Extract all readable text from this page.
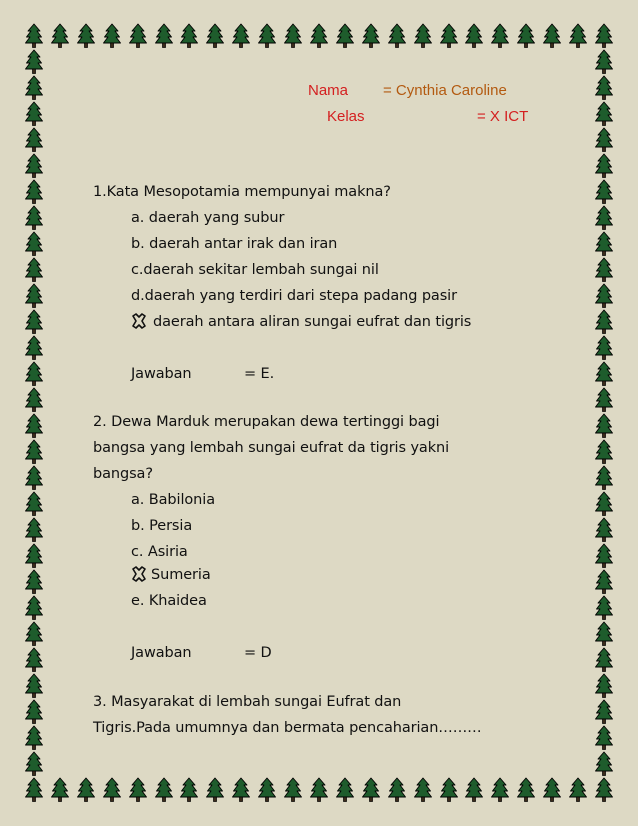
Nama = Cynthia Caroline
Kelas	= X ICT
1.Kata Mesopotamia mempunyai makna?
a. daerah yang subur
b. daerah antar irak dan iran
c.daerah sekitar lembah sungai nil
d.daerah yang terdiri dari stepa padang pasir
daerah antara aliran sungai eufrat dan tigris
Jawaban	= E.
2. Dewa Marduk merupakan dewa tertinggi bagi
bangsa yang lembah sungai eufrat da tigris yakni
bangsa?
a. Babilonia
b. Persia
c. Asiria
Sumeria
e. Khaidea
Jawaban	= D
3. Masyarakat di lembah sungai Eufrat dan
Tigris.Pada umumnya dan bermata pencaharian………
